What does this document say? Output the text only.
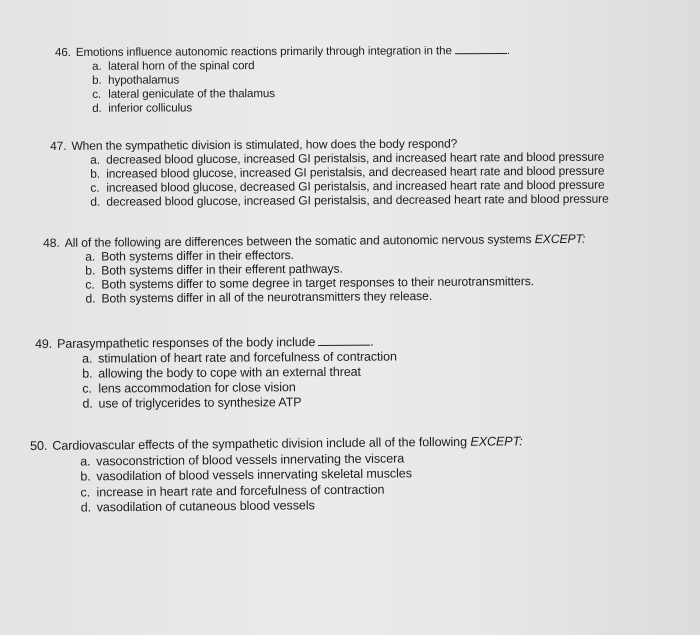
46. Emotions influence autonomic reactions primarily through integration in the	.
a. lateral horn of the spinal cord
b. hypothalamus
c. lateral geniculate of the thalamus
d. inferior colliculus
47. When the sympathetic division is stimulated, how does the body respond?
a. decreased blood glucose, increased GI peristalsis, and increased heart rate and blood pressure
b. increased blood glucose, increased GI peristalsis, and decreased heart rate and blood pressure
c. increased blood glucose, decreased GI peristalsis, and increased heart rate and blood pressure
d. decreased blood glucose, increased GI peristalsis, and decreased heart rate and blood pressure
48. All of the following are differences between the somatic and autonomic nervous systems EXCEPT:
a. Both systems differ in their effectors.
b. Both systems differ in their efferent pathways.
c. Both systems differ to some degree in target responses to their neurotransmitters.
d. Both systems differ in all of the neurotransmitters they release.
49. Parasympathetic responses of the body include	.
a. stimulation of heart rate and forcefulness of contraction
b. allowing the body to cope with an external threat
c. lens accommodation for close vision
d. use of triglycerides to synthesize ATP
50. Cardiovascular effects of the sympathetic division include all of the following EXCEPT:
a. vasoconstriction of blood vessels innervating the viscera
b. vasodilation of blood vessels innervating skeletal muscles
c. increase in heart rate and forcefulness of contraction
d. vasodilation of cutaneous blood vessels
